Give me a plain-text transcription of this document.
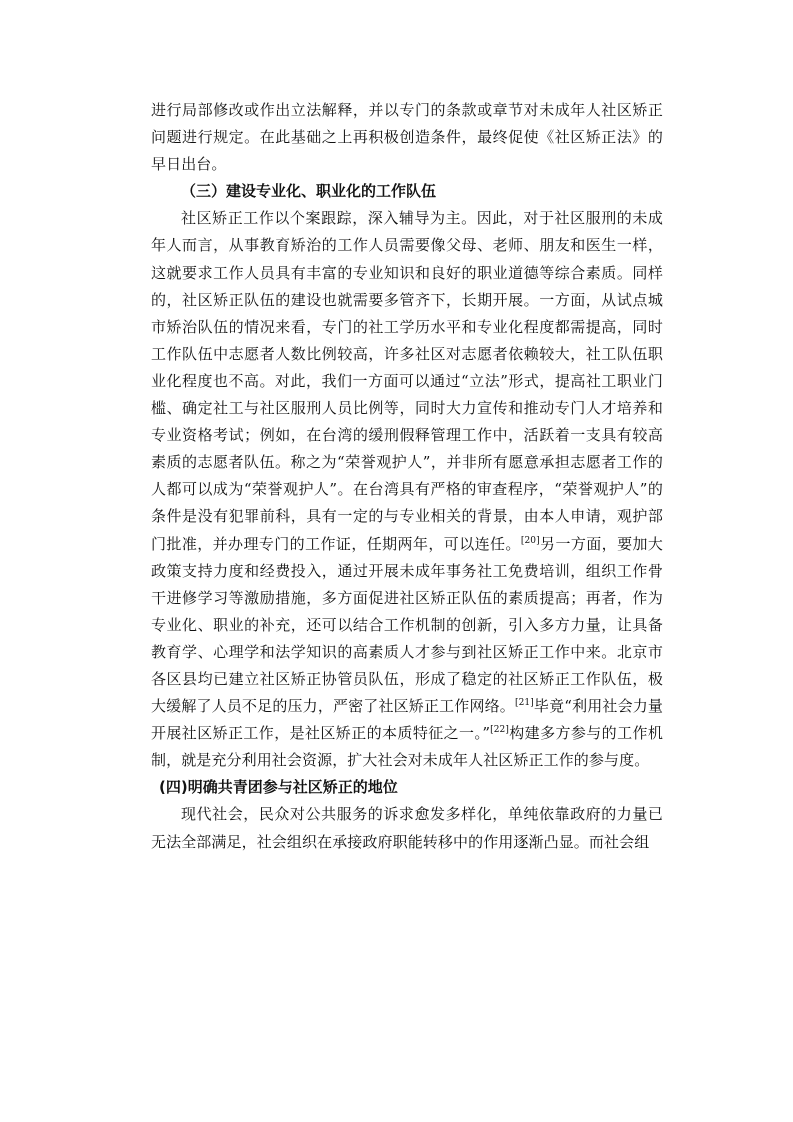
进行局部修改或作出立法解释，并以专门的条款或章节对未成年人社区矫正问题进行规定。在此基础之上再积极创造条件，最终促使《社区矫正法》的早日出台。

（三）建设专业化、职业化的工作队伍

社区矫正工作以个案跟踪，深入辅导为主。因此，对于社区服刑的未成年人而言，从事教育矫治的工作人员需要像父母、老师、朋友和医生一样，这就要求工作人员具有丰富的专业知识和良好的职业道德等综合素质。同样的，社区矫正队伍的建设也就需要多管齐下，长期开展。一方面，从试点城市矫治队伍的情况来看，专门的社工学历水平和专业化程度都需提高，同时工作队伍中志愿者人数比例较高，许多社区对志愿者依赖较大，社工队伍职业化程度也不高。对此，我们一方面可以通过“立法”形式，提高社工职业门槛、确定社工与社区服刑人员比例等，同时大力宣传和推动专门人才培养和专业资格考试；例如，在台湾的缓刑假释管理工作中，活跃着一支具有较高素质的志愿者队伍。称之为“荣誉观护人”，并非所有愿意承担志愿者工作的人都可以成为“荣誉观护人”。在台湾具有严格的审查程序，“荣誉观护人”的条件是没有犯罪前科，具有一定的与专业相关的背景，由本人申请，观护部门批准，并办理专门的工作证，任期两年，可以连任。[20]另一方面，要加大政策支持力度和经费投入，通过开展未成年事务社工免费培训，组织工作骨干进修学习等激励措施，多方面促进社区矫正队伍的素质提高；再者，作为专业化、职业的补充，还可以结合工作机制的创新，引入多方力量，让具备教育学、心理学和法学知识的高素质人才参与到社区矫正工作中来。北京市各区县均已建立社区矫正协管员队伍，形成了稳定的社区矫正工作队伍，极大缓解了人员不足的压力，严密了社区矫正工作网络。[21]毕竟“利用社会力量开展社区矫正工作，是社区矫正的本质特征之一。”[22]构建多方参与的工作机制，就是充分利用社会资源，扩大社会对未成年人社区矫正工作的参与度。

(四)明确共青团参与社区矫正的地位

现代社会，民众对公共服务的诉求愈发多样化，单纯依靠政府的力量已无法全部满足，社会组织在承接政府职能转移中的作用逐渐凸显。而社会组
